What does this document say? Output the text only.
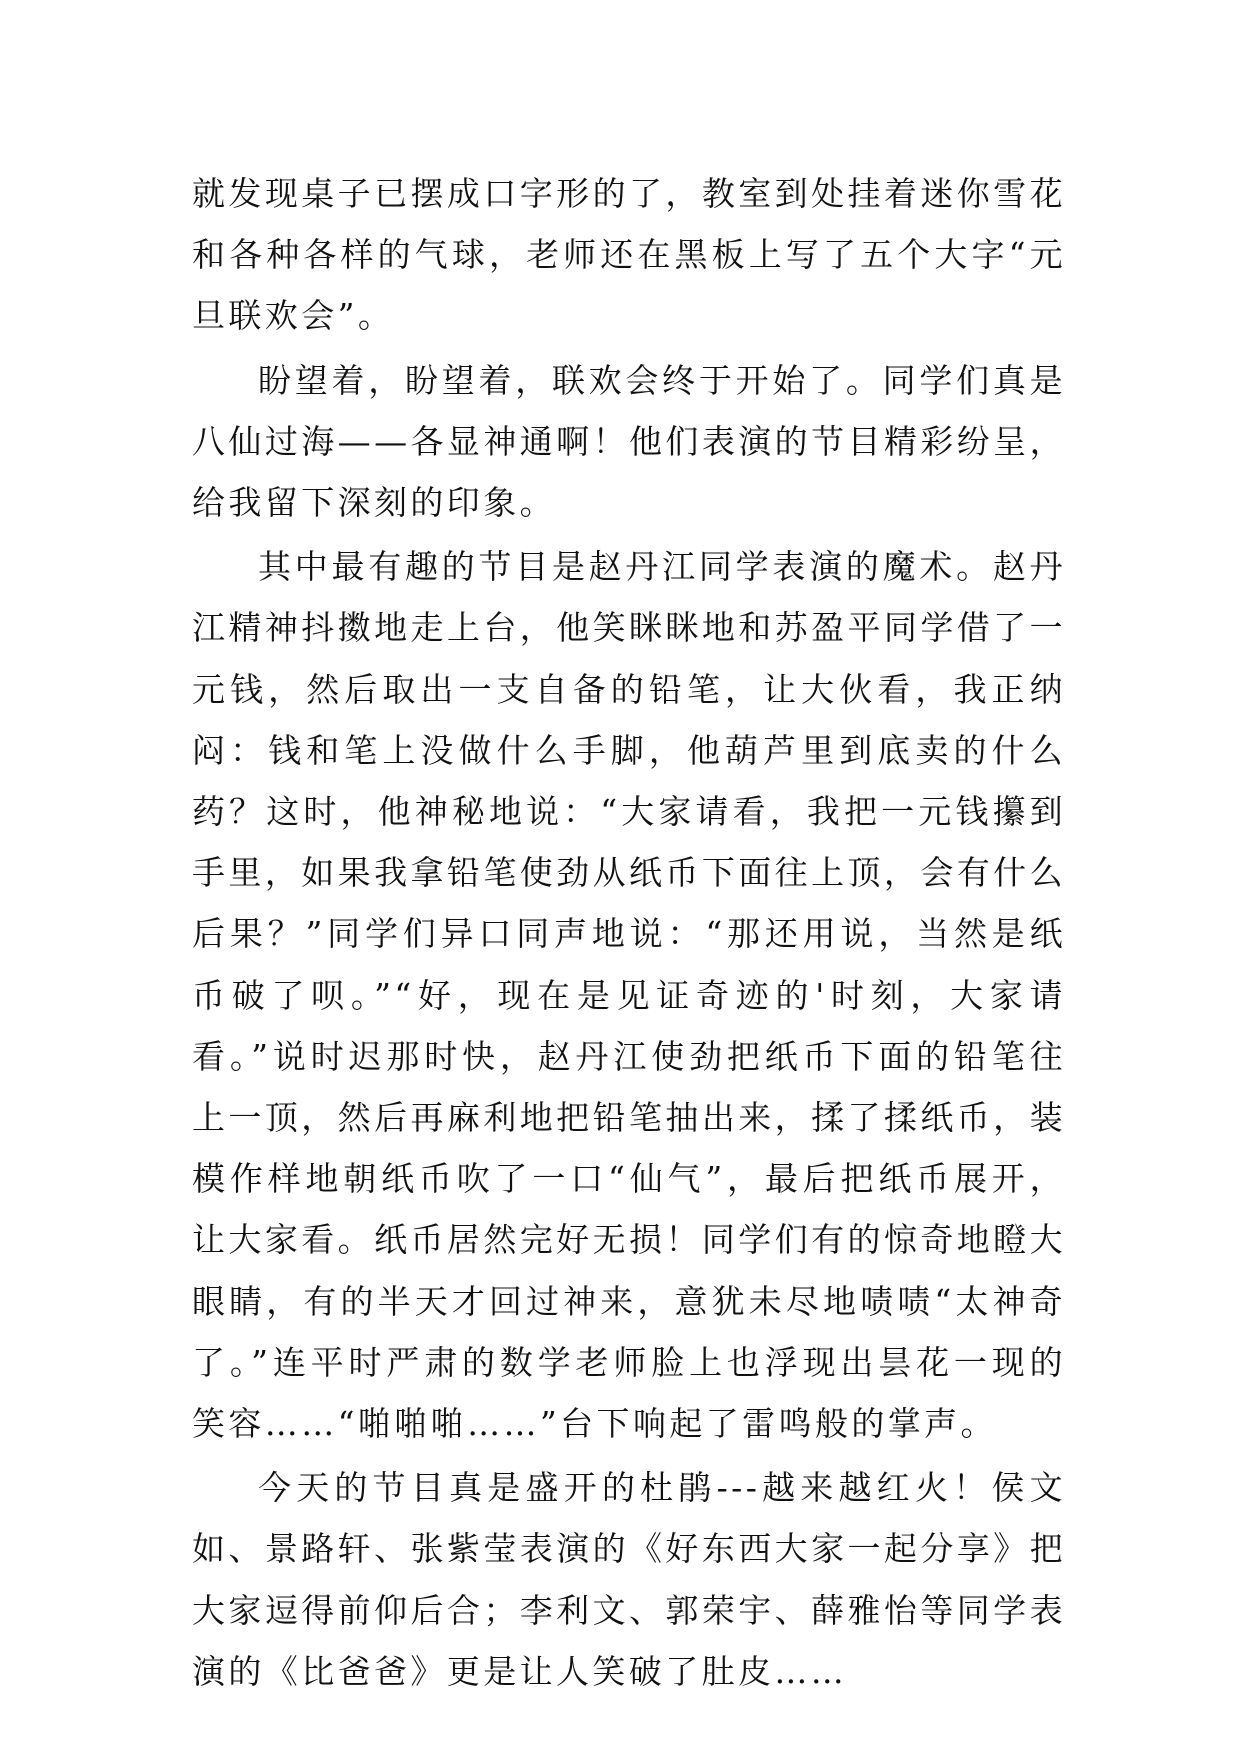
就发现桌子已摆成口字形的了，教室到处挂着迷你雪花和各种各样的气球，老师还在黑板上写了五个大字“元旦联欢会”。

盼望着，盼望着，联欢会终于开始了。同学们真是八仙过海——各显神通啊！他们表演的节目精彩纷呈，给我留下深刻的印象。

其中最有趣的节目是赵丹江同学表演的魔术。赵丹江精神抖擞地走上台，他笑眯眯地和苏盈平同学借了一元钱，然后取出一支自备的铅笔，让大伙看，我正纳闷：钱和笔上没做什么手脚，他葫芦里到底卖的什么药？这时，他神秘地说：“大家请看，我把一元钱攥到手里，如果我拿铅笔使劲从纸币下面往上顶，会有什么后果？”同学们异口同声地说：“那还用说，当然是纸币破了呗。”“好，现在是见证奇迹的'时刻，大家请看。”说时迟那时快，赵丹江使劲把纸币下面的铅笔往上一顶，然后再麻利地把铅笔抽出来，揉了揉纸币，装模作样地朝纸币吹了一口“仙气”，最后把纸币展开，让大家看。纸币居然完好无损！同学们有的惊奇地瞪大眼睛，有的半天才回过神来，意犹未尽地啧啧“太神奇了。”连平时严肃的数学老师脸上也浮现出昙花一现的笑容……“啪啪啪……”台下响起了雷鸣般的掌声。

今天的节目真是盛开的杜鹃---越来越红火！侯文如、景路轩、张紫莹表演的《好东西大家一起分享》把大家逗得前仰后合；李利文、郭荣宇、薛雅怡等同学表演的《比爸爸》更是让人笑破了肚皮……
